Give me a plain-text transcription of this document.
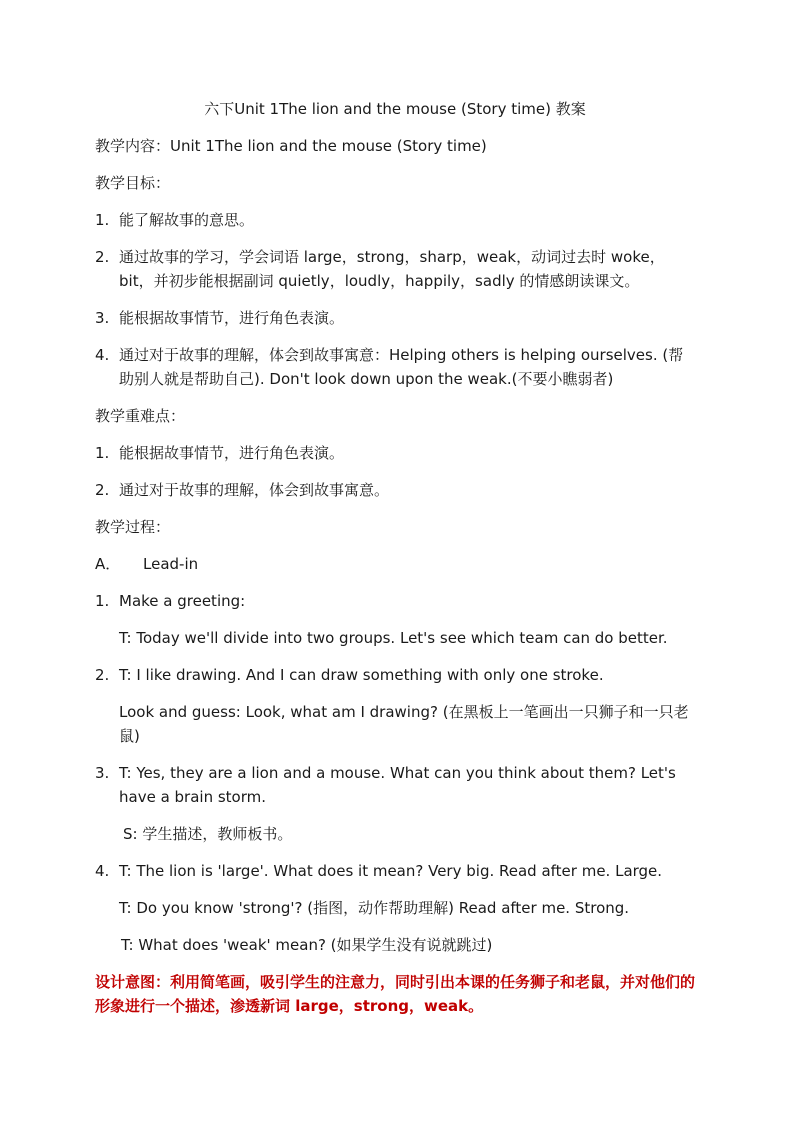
六下Unit 1The lion and the mouse (Story time) 教案
教学内容：Unit 1The lion and the mouse (Story time)
教学目标：
1. 能了解故事的意思。
2. 通过故事的学习，学会词语 large，strong，sharp，weak，动词过去时 woke，bit，并初步能根据副词 quietly，loudly，happily，sadly 的情感朗读课文。
3. 能根据故事情节，进行角色表演。
4. 通过对于故事的理解，体会到故事寓意：Helping others is helping ourselves. (帮助别人就是帮助自己). Don't look down upon the weak.(不要小瞧弱者)
教学重难点：
1. 能根据故事情节，进行角色表演。
2. 通过对于故事的理解，体会到故事寓意。
教学过程：
A．	Lead-in
1. Make a greeting:
T: Today we'll divide into two groups. Let's see which team can do better.
2. T: I like drawing. And I can draw something with only one stroke.
Look and guess: Look, what am I drawing? (在黑板上一笔画出一只狮子和一只老鼠)
3. T: Yes, they are a lion and a mouse. What can you think about them? Let's have a brain storm.
S: 学生描述，教师板书。
4. T: The lion is 'large'. What does it mean? Very big. Read after me. Large.
T: Do you know 'strong'? (指图，动作帮助理解) Read after me. Strong.
T: What does 'weak' mean? (如果学生没有说就跳过)
设计意图：利用简笔画，吸引学生的注意力，同时引出本课的任务狮子和老鼠，并对他们的形象进行一个描述，渗透新词 large，strong，weak。
